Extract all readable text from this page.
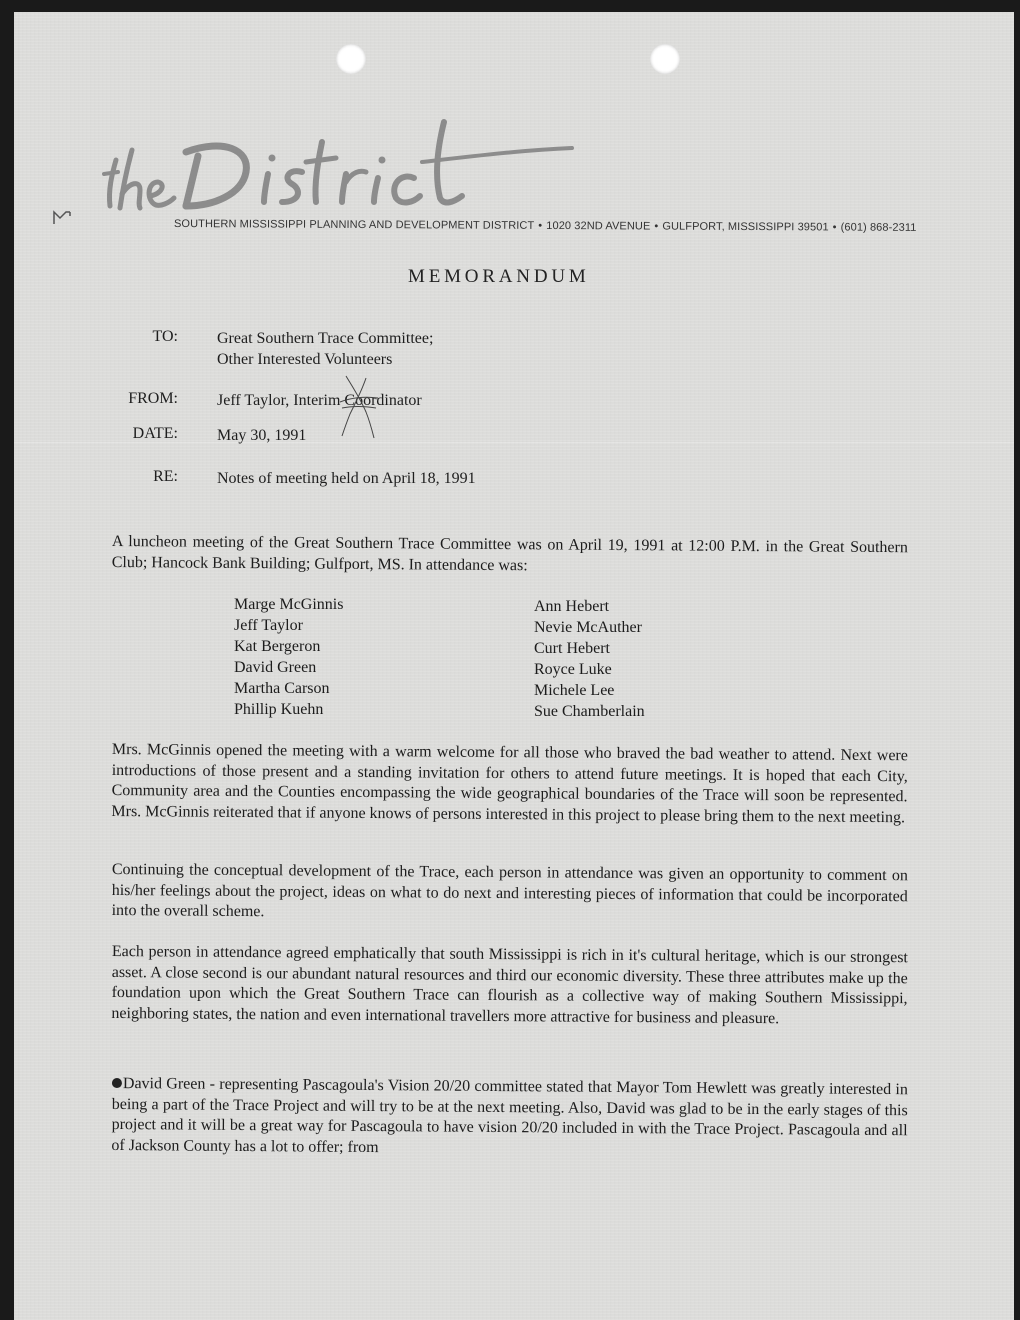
SOUTHERN MISSISSIPPI PLANNING AND DEVELOPMENT DISTRICT • 1020 32ND AVENUE • GULFPORT, MISSISSIPPI 39501 • (601) 868-2311
MEMORANDUM
TO: Great Southern Trace Committee;
Other Interested Volunteers
FROM: Jeff Taylor, Interim Coordinator
DATE: May 30, 1991
RE: Notes of meeting held on April 18, 1991
A luncheon meeting of the Great Southern Trace Committee was on April 19, 1991 at 12:00 P.M. in the Great Southern Club; Hancock Bank Building; Gulfport, MS. In attendance was:
Marge McGinnis
Jeff Taylor
Kat Bergeron
David Green
Martha Carson
Phillip Kuehn
Ann Hebert
Nevie McAuther
Curt Hebert
Royce Luke
Michele Lee
Sue Chamberlain
Mrs. McGinnis opened the meeting with a warm welcome for all those who braved the bad weather to attend. Next were introductions of those present and a standing invitation for others to attend future meetings. It is hoped that each City, Community area and the Counties encompassing the wide geographical boundaries of the Trace will soon be represented. Mrs. McGinnis reiterated that if anyone knows of persons interested in this project to please bring them to the next meeting.
Continuing the conceptual development of the Trace, each person in attendance was given an opportunity to comment on his/her feelings about the project, ideas on what to do next and interesting pieces of information that could be incorporated into the overall scheme.
Each person in attendance agreed emphatically that south Mississippi is rich in it's cultural heritage, which is our strongest asset. A close second is our abundant natural resources and third our economic diversity. These three attributes make up the foundation upon which the Great Southern Trace can flourish as a collective way of making Southern Mississippi, neighboring states, the nation and even international travellers more attractive for business and pleasure.
David Green - representing Pascagoula's Vision 20/20 committee stated that Mayor Tom Hewlett was greatly interested in being a part of the Trace Project and will try to be at the next meeting. Also, David was glad to be in the early stages of this project and it will be a great way for Pascagoula to have vision 20/20 included in with the Trace Project. Pascagoula and all of Jackson County has a lot to offer; from
